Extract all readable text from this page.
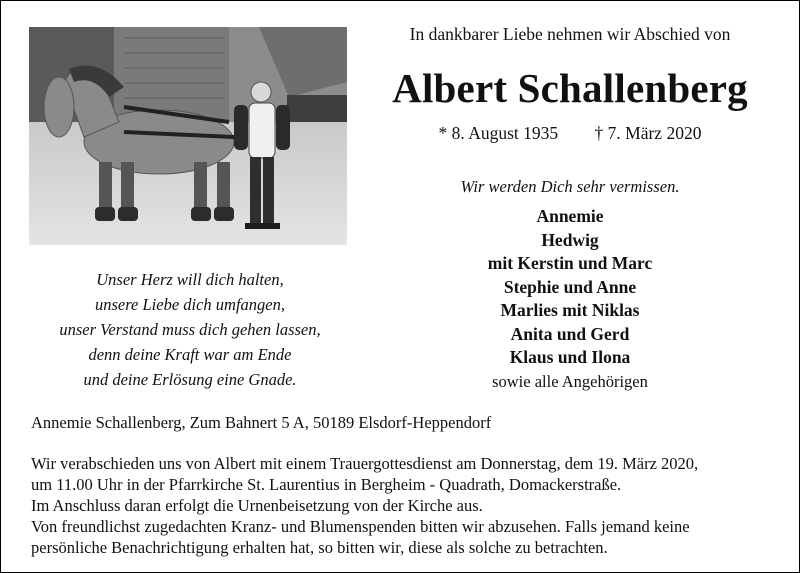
In dankbarer Liebe nehmen wir Abschied von
Albert Schallenberg
* 8. August 1935 † 7. März 2020
Wir werden Dich sehr vermissen.
Annemie
Hedwig
mit Kerstin und Marc
Stephie und Anne
Marlies mit Niklas
Anita und Gerd
Klaus und Ilona
sowie alle Angehörigen
Unser Herz will dich halten,
unsere Liebe dich umfangen,
unser Verstand muss dich gehen lassen,
denn deine Kraft war am Ende
und deine Erlösung eine Gnade.
Annemie Schallenberg, Zum Bahnert 5 A, 50189 Elsdorf-Heppendorf
Wir verabschieden uns von Albert mit einem Trauergottesdienst am Donnerstag, dem 19. März 2020,
um 11.00 Uhr in der Pfarrkirche St. Laurentius in Bergheim - Quadrath, Domackerstraße.
Im Anschluss daran erfolgt die Urnenbeisetzung von der Kirche aus.
Von freundlichst zugedachten Kranz- und Blumenspenden bitten wir abzusehen. Falls jemand keine
persönliche Benachrichtigung erhalten hat, so bitten wir, diese als solche zu betrachten.
